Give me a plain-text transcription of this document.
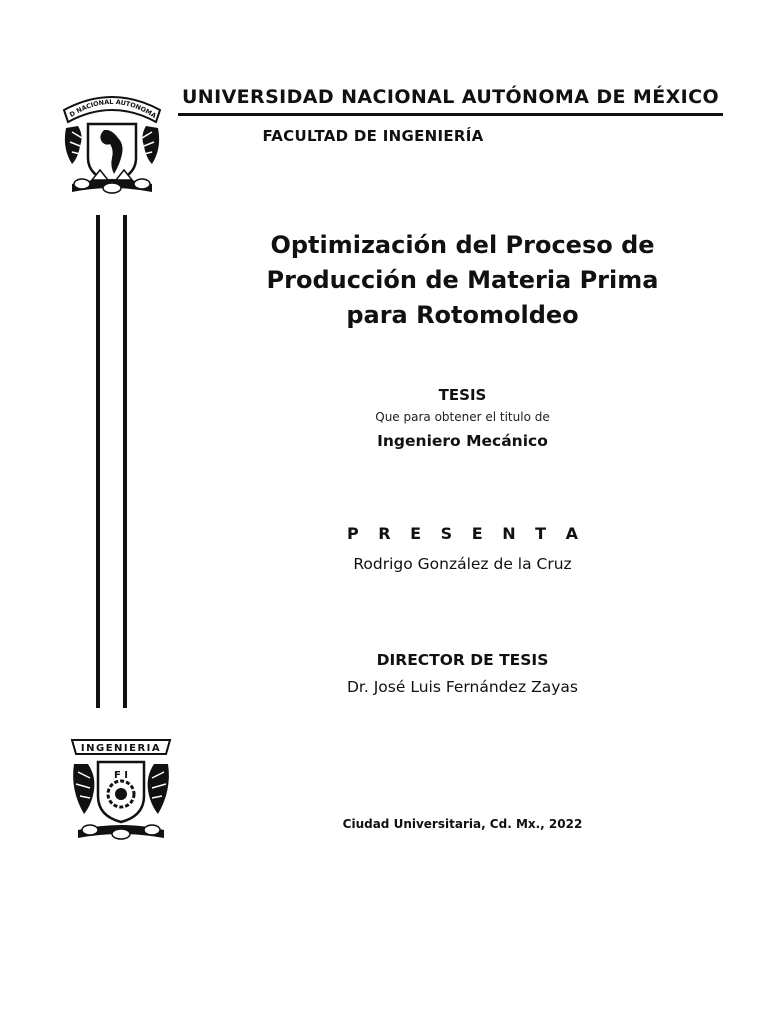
D NACIONAL AUTONOMA
UNIVERSIDAD NACIONAL AUTÓNOMA DE MÉXICO
FACULTAD DE INGENIERÍA
Optimización del Proceso de
Producción de Materia Prima
para Rotomoldeo
TESIS
Que para obtener el titulo de
Ingeniero Mecánico
P R E S E N T A
Rodrigo González de la Cruz
DIRECTOR DE TESIS
Dr. José Luis Fernández Zayas
INGENIERIA
F I
Ciudad Universitaria, Cd. Mx., 2022
